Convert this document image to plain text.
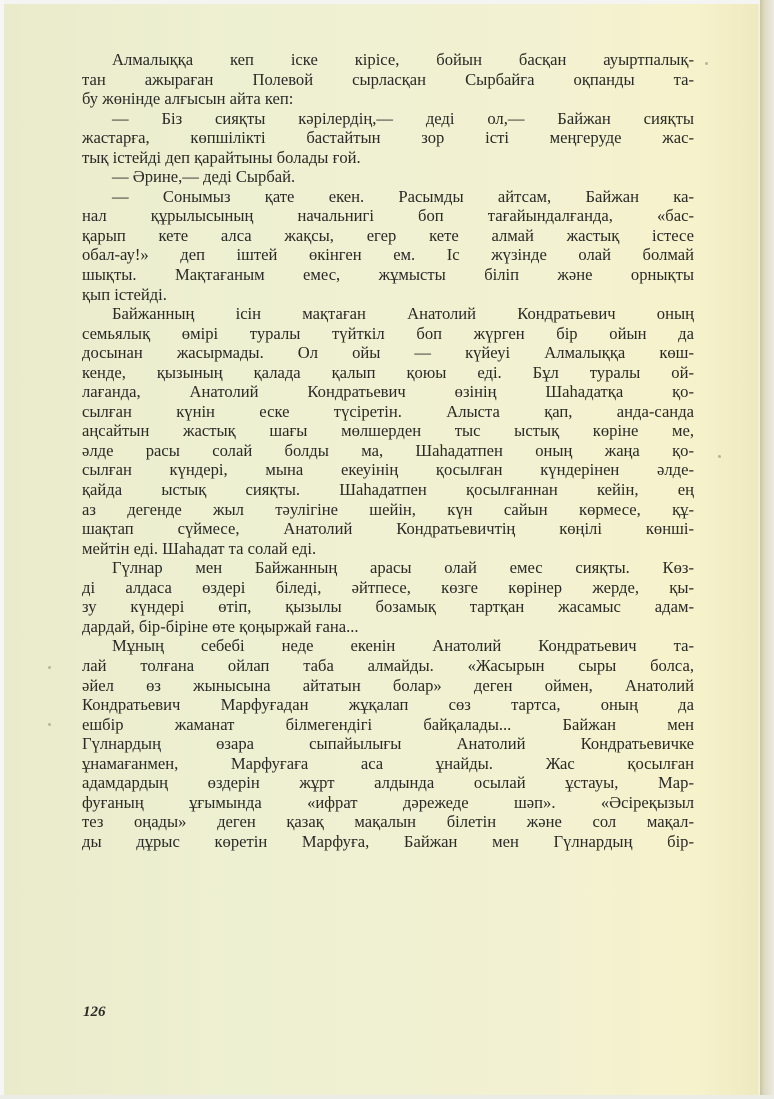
Алмалыққа кеп іске кірісе, бойын басқан ауыртпалық-
тан ажыраған Полевой сырласқан Сырбайға оқпанды та-
бу жөнінде алғысын айта кеп:
— Біз сияқты кәрілердің,— деді ол,— Байжан сияқты
жастарға, көпшілікті бастайтын зор істі меңгеруде жас-
тық істейді деп қарайтыны болады ғой.
— Әрине,— деді Сырбай.
— Сонымыз қате екен. Расымды айтсам, Байжан ка-
нал құрылысының начальнигі боп тағайындалғанда, «бас-
қарып кете алса жақсы, егер кете алмай жастық істесе
обал-ау!» деп іштей өкінген ем. Іс жүзінде олай болмай
шықты. Мақтағаным емес, жұмысты біліп және орнықты
қып істейді.
Байжанның ісін мақтаған Анатолий Кондратьевич оның
семьялық өмірі туралы түйткіл боп жүрген бір ойын да
досынан жасырмады. Ол ойы — күйеуі Алмалыққа көш-
кенде, қызының қалада қалып қоюы еді. Бұл туралы ой-
лағанда, Анатолий Кондратьевич өзінің Шаһадатқа қо-
сылған күнін еске түсіретін. Алыста қап, анда-санда
аңсайтын жастық шағы мөлшерден тыс ыстық көріне ме,
әлде расы солай болды ма, Шаһадатпен оның жаңа қо-
сылған күндері, мына екеуінің қосылған күндерінен әлде-
қайда ыстық сияқты. Шаһадатпен қосылғаннан кейін, ең
аз дегенде жыл тәулігіне шейін, күн сайын көрмесе, құ-
шақтап сүймесе, Анатолий Кондратьевичтің көңілі көнші-
мейтін еді. Шаһадат та солай еді.
Гүлнар мен Байжанның арасы олай емес сияқты. Көз-
ді алдаса өздері біледі, әйтпесе, көзге көрінер жерде, қы-
зу күндері өтіп, қызылы бозамық тартқан жасамыс адам-
дардай, бір-біріне өте қоңыржай ғана...
Мұның себебі неде екенін Анатолий Кондратьевич та-
лай толғана ойлап таба алмайды. «Жасырын сыры болса,
әйел өз жынысына айтатын болар» деген оймен, Анатолий
Кондратьевич Марфуғадан жұқалап сөз тартса, оның да
ешбір жаманат білмегендігі байқалады... Байжан мен
Гүлнардың өзара сыпайылығы Анатолий Кондратьевичке
ұнамағанмен, Марфуғаға аса ұнайды. Жас қосылған
адамдардың өздерін жұрт алдында осылай ұстауы, Мар-
фуғаның ұғымында «ифрат дәрежеде шәп». «Әсірeқызыл
тез оңады» деген қазақ мақалын білетін және сол мақал-
ды дұрыс көретін Марфуға, Байжан мен Гүлнардың бір-
126
